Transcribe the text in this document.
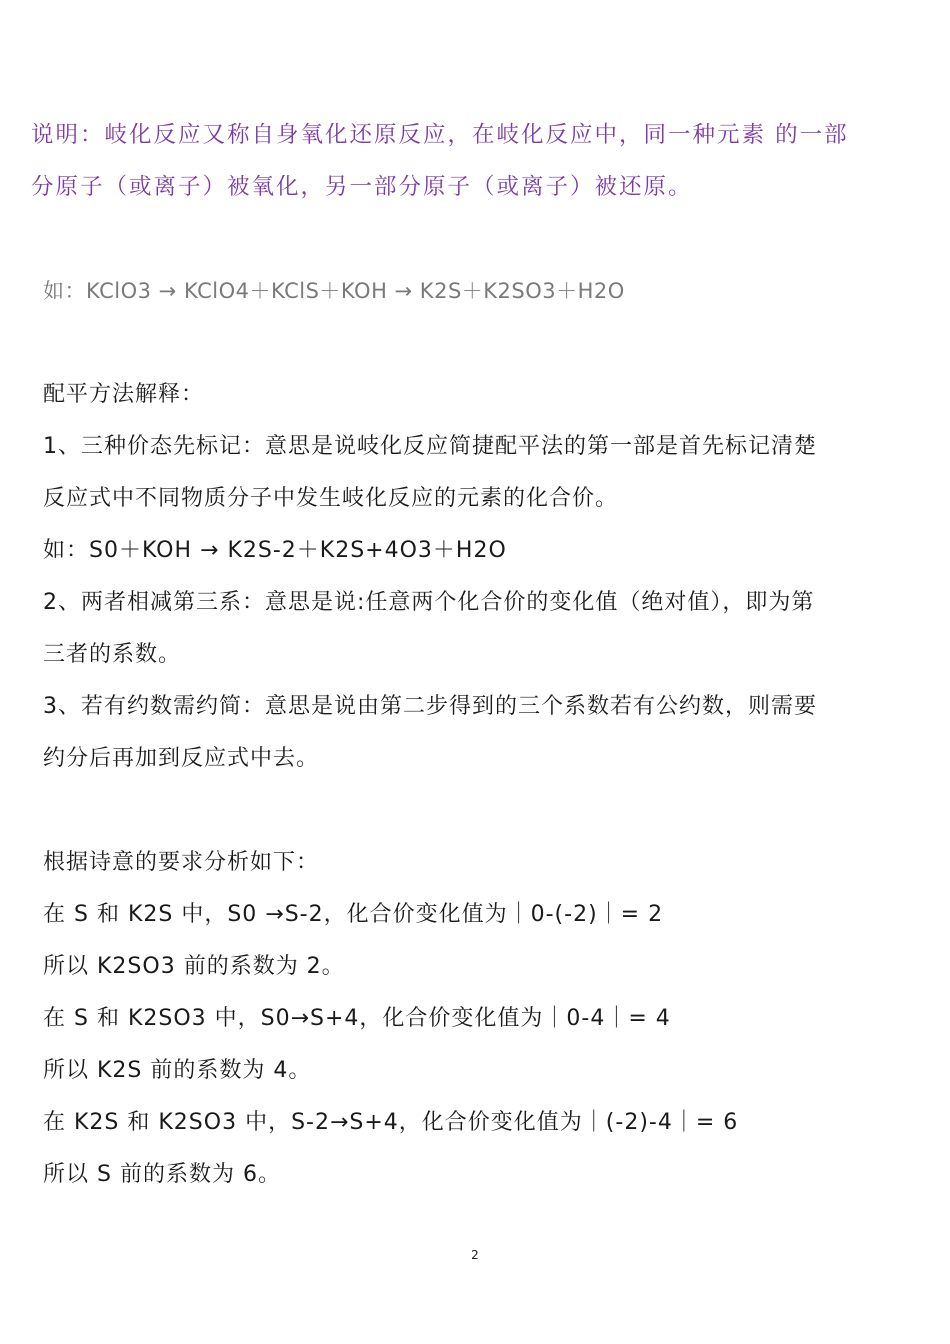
说明：岐化反应又称自身氧化还原反应，在岐化反应中，同一种元素 的一部
分原子（或离子）被氧化，另一部分原子（或离子）被还原。
如：KClO3 → KClO4＋KClS＋KOH → K2S＋K2SO3＋H2O
配平方法解释：
1、三种价态先标记：意思是说岐化反应简捷配平法的第一部是首先标记清楚
反应式中不同物质分子中发生岐化反应的元素的化合价。
如：S0＋KOH → K2S-2＋K2S+4O3＋H2O
2、两者相减第三系：意思是说:任意两个化合价的变化值（绝对值），即为第
三者的系数。
3、若有约数需约简：意思是说由第二步得到的三个系数若有公约数，则需要
约分后再加到反应式中去。
根据诗意的要求分析如下：
在 S 和 K2S 中，S0 →S-2，化合价变化值为｜0-(-2)｜= 2
所以 K2SO3 前的系数为 2。
在 S 和 K2SO3 中，S0→S+4，化合价变化值为｜0-4｜= 4
所以 K2S 前的系数为 4。
在 K2S 和 K2SO3 中，S-2→S+4，化合价变化值为｜(-2)-4｜= 6
所以 S 前的系数为 6。
2
